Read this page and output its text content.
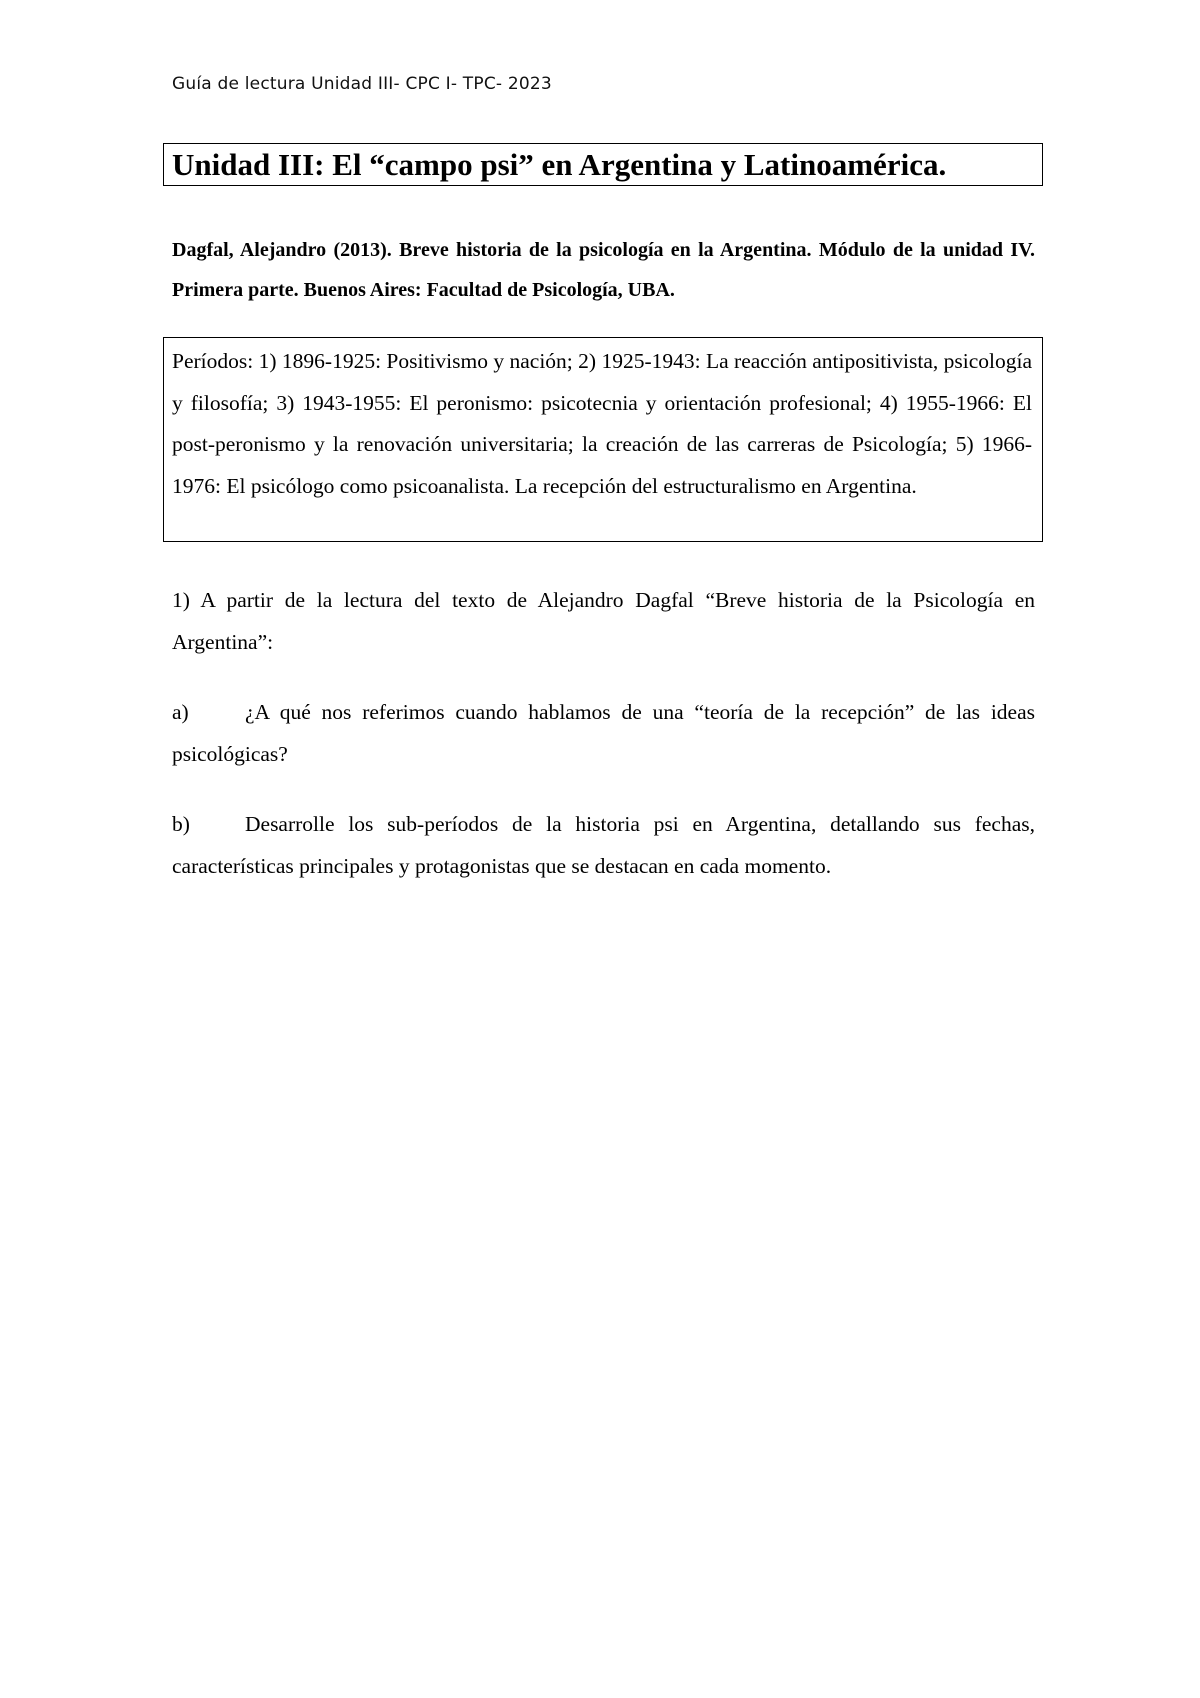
Guía de lectura Unidad III- CPC I- TPC- 2023
Unidad III: El “campo psi” en Argentina y Latinoamérica.

Dagfal, Alejandro (2013). Breve historia de la psicología en la Argentina. Módulo de la unidad IV. Primera parte. Buenos Aires: Facultad de Psicología, UBA.

Períodos: 1) 1896-1925: Positivismo y nación; 2) 1925-1943: La reacción antipositivista, psicología y filosofía; 3) 1943-1955: El peronismo: psicotecnia y orientación profesional; 4) 1955-1966: El post-peronismo y la renovación universitaria; la creación de las carreras de Psicología; 5) 1966-1976: El psicólogo como psicoanalista. La recepción del estructuralismo en Argentina.

1) A partir de la lectura del texto de Alejandro Dagfal “Breve historia de la Psicología en Argentina”:

a)	¿A qué nos referimos cuando hablamos de una “teoría de la recepción” de las ideas psicológicas?

b)	Desarrolle los sub-períodos de la historia psi en Argentina, detallando sus fechas, características principales y protagonistas que se destacan en cada momento.
